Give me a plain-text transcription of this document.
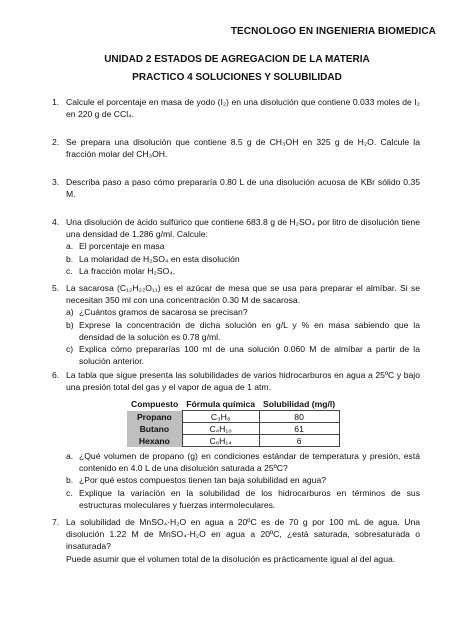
TECNOLOGO EN INGENIERIA BIOMEDICA
UNIDAD 2 ESTADOS DE AGREGACION DE LA MATERIA
PRACTICO 4 SOLUCIONES Y SOLUBILIDAD
1. Calcule el porcentaje en masa de yodo (I₂) en una disolución que contiene 0.033 moles de I₂ en 220 g de CCl₄.

2. Se prepara una disolución que contiene 8.5 g de CH₃OH en 325 g de H₂O. Calcule la fracción molar del CH₃OH.

3. Describa paso a paso cómo prepararía 0.80 L de una disolución acuosa de KBr sólido 0.35 M.

4. Una disolución de ácido sulfúrico que contiene 683.8 g de H₂SO₄ por litro de disolución tiene una densidad de 1.286 g/ml. Calcule:

a. El porcentaje en masa
b. La molaridad de H₂SO₄ en esta disolución
c. La fracción molar H₂SO₄.
5. La sacarosa (C₁₂H₂₂O₁₁) es el azúcar de mesa que se usa para preparar el almíbar. Si se necesitan 350 ml con una concentración 0.30 M de sacarosa.

a) ¿Cuántos gramos de sacarosa se precisan?
b) Exprese la concentración de dicha solución en g/L y % en masa sabiendo que la densidad de la solución es 0.78 g/ml.
c) Explica cómo prepararías 100 ml de una solución 0.060 M de almíbar a partir de la solución anterior.
6. La tabla que sigue presenta las solubilidades de varios hidrocarburos en agua a 25ºC y bajo una presión total del gas y el vapor de agua de 1 atm.

Compuesto	Fórmula química	Solubilidad (mg/l)
Propano	C₃H₈	80
Butano	C₄H₁₀	61
Hexano	C₆H₁₄	6
a. ¿Qué volumen de propano (g) en condiciones estándar de temperatura y presión, está contenido en 4.0 L de una disolución saturada a 25ºC?
b. ¿Por qué estos compuestos tienen tan baja solubilidad en agua?
c. Explique la variación en la solubilidad de los hidrocarburos en términos de sus estructuras moleculares y fuerzas intermoleculares.
7. La solubilidad de MnSO₄·H₂O en agua a 20ºC es de 70 g por 100 mL de agua. Una disolución 1.22 M de MnSO₄·H₂O en agua a 20ºC, ¿está saturada, sobresaturada o insaturada?

Puede asumir que el volumen total de la disolución es prácticamente igual al del agua.
